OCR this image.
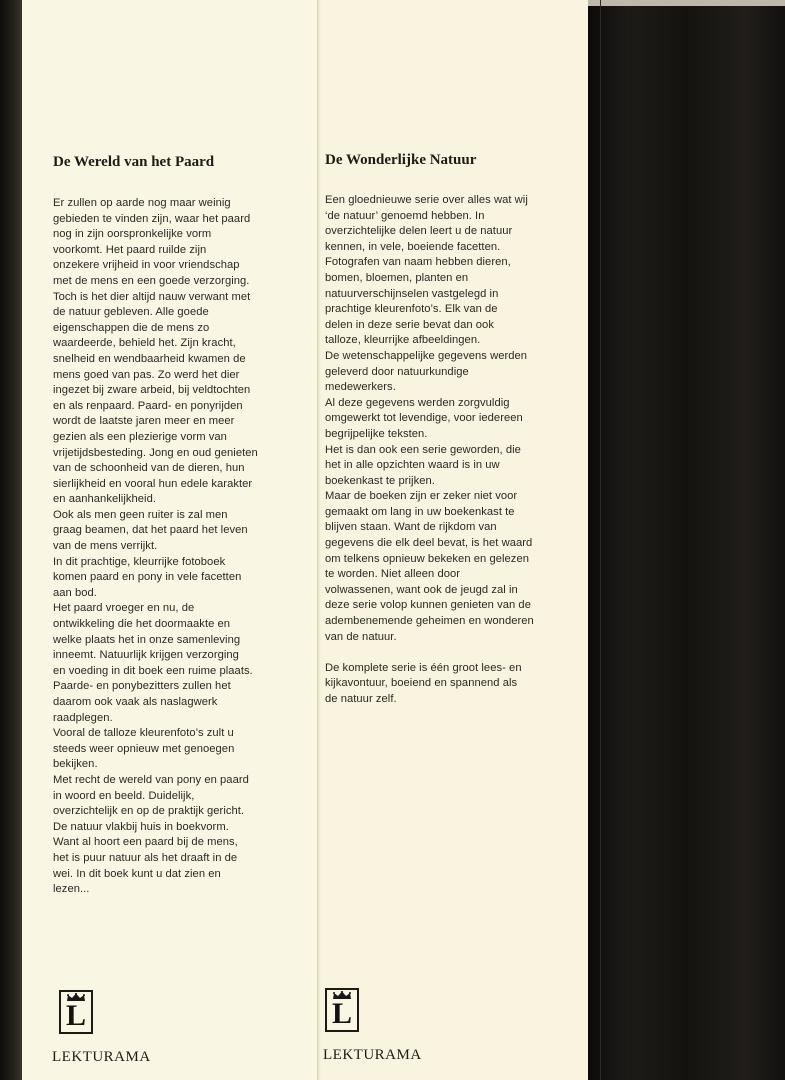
De Wereld van het Paard

Er zullen op aarde nog maar weinig
gebieden te vinden zijn, waar het paard
nog in zijn oorspronkelijke vorm
voorkomt. Het paard ruilde zijn
onzekere vrijheid in voor vriendschap
met de mens en een goede verzorging.
Toch is het dier altijd nauw verwant met
de natuur gebleven. Alle goede
eigenschappen die de mens zo
waardeerde, behield het. Zijn kracht,
snelheid en wendbaarheid kwamen de
mens goed van pas. Zo werd het dier
ingezet bij zware arbeid, bij veldtochten
en als renpaard. Paard- en ponyrijden
wordt de laatste jaren meer en meer
gezien als een plezierige vorm van
vrijetijdsbesteding. Jong en oud genieten
van de schoonheid van de dieren, hun
sierlijkheid en vooral hun edele karakter
en aanhankelijkheid.
Ook als men geen ruiter is zal men
graag beamen, dat het paard het leven
van de mens verrijkt.
In dit prachtige, kleurrijke fotoboek
komen paard en pony in vele facetten
aan bod.
Het paard vroeger en nu, de
ontwikkeling die het doormaakte en
welke plaats het in onze samenleving
inneemt. Natuurlijk krijgen verzorging
en voeding in dit boek een ruime plaats.
Paarde- en ponybezitters zullen het
daarom ook vaak als naslagwerk
raadplegen.
Vooral de talloze kleurenfoto’s zult u
steeds weer opnieuw met genoegen
bekijken.
Met recht de wereld van pony en paard
in woord en beeld. Duidelijk,
overzichtelijk en op de praktijk gericht.
De natuur vlakbij huis in boekvorm.
Want al hoort een paard bij de mens,
het is puur natuur als het draaft in de
wei. In dit boek kunt u dat zien en
lezen...

L
LEKTURAMA
De Wonderlijke Natuur

Een gloednieuwe serie over alles wat wij
‘de natuur’ genoemd hebben. In
overzichtelijke delen leert u de natuur
kennen, in vele, boeiende facetten.
Fotografen van naam hebben dieren,
bomen, bloemen, planten en
natuurverschijnselen vastgelegd in
prachtige kleurenfoto’s. Elk van de
delen in deze serie bevat dan ook
talloze, kleurrijke afbeeldingen.
De wetenschappelijke gegevens werden
geleverd door natuurkundige
medewerkers.
Al deze gegevens werden zorgvuldig
omgewerkt tot levendige, voor iedereen
begrijpelijke teksten.
Het is dan ook een serie geworden, die
het in alle opzichten waard is in uw
boekenkast te prijken.
Maar de boeken zijn er zeker niet voor
gemaakt om lang in uw boekenkast te
blijven staan. Want de rijkdom van
gegevens die elk deel bevat, is het waard
om telkens opnieuw bekeken en gelezen
te worden. Niet alleen door
volwassenen, want ook de jeugd zal in
deze serie volop kunnen genieten van de
adembenemende geheimen en wonderen
van de natuur.

De komplete serie is één groot lees- en
kijkavontuur, boeiend en spannend als
de natuur zelf.

L
LEKTURAMA
